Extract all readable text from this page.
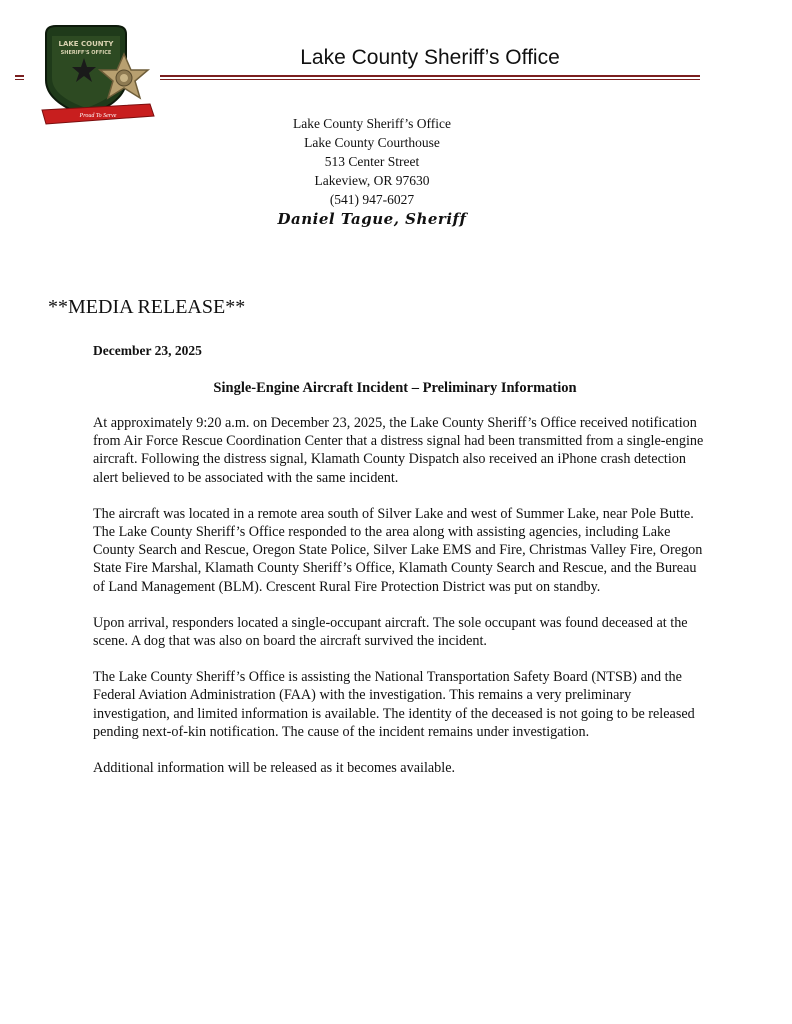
LAKE COUNTY
SHERIFF'S OFFICE
Proud To Serve
Lake County Sheriff’s Office
Lake County Sheriff’s Office
Lake County Courthouse
513 Center Street
Lakeview, OR 97630
(541) 947-6027
Daniel Tague, Sheriff
**MEDIA RELEASE**
December 23, 2025
Single-Engine Aircraft Incident – Preliminary Information

At approximately 9:20 a.m. on December 23, 2025, the Lake County Sheriff’s Office received notification from Air Force Rescue Coordination Center that a distress signal had been transmitted from a single-engine aircraft. Following the distress signal, Klamath County Dispatch also received an iPhone crash detection alert believed to be associated with the same incident.

The aircraft was located in a remote area south of Silver Lake and west of Summer Lake, near Pole Butte. The Lake County Sheriff’s Office responded to the area along with assisting agencies, including Lake County Search and Rescue, Oregon State Police, Silver Lake EMS and Fire, Christmas Valley Fire, Oregon State Fire Marshal, Klamath County Sheriff’s Office, Klamath County Search and Rescue, and the Bureau of Land Management (BLM). Crescent Rural Fire Protection District was put on standby.

Upon arrival, responders located a single-occupant aircraft. The sole occupant was found deceased at the scene. A dog that was also on board the aircraft survived the incident.

The Lake County Sheriff’s Office is assisting the National Transportation Safety Board (NTSB) and the Federal Aviation Administration (FAA) with the investigation. This remains a very preliminary investigation, and limited information is available. The identity of the deceased is not going to be released pending next-of-kin notification. The cause of the incident remains under investigation.

Additional information will be released as it becomes available.
